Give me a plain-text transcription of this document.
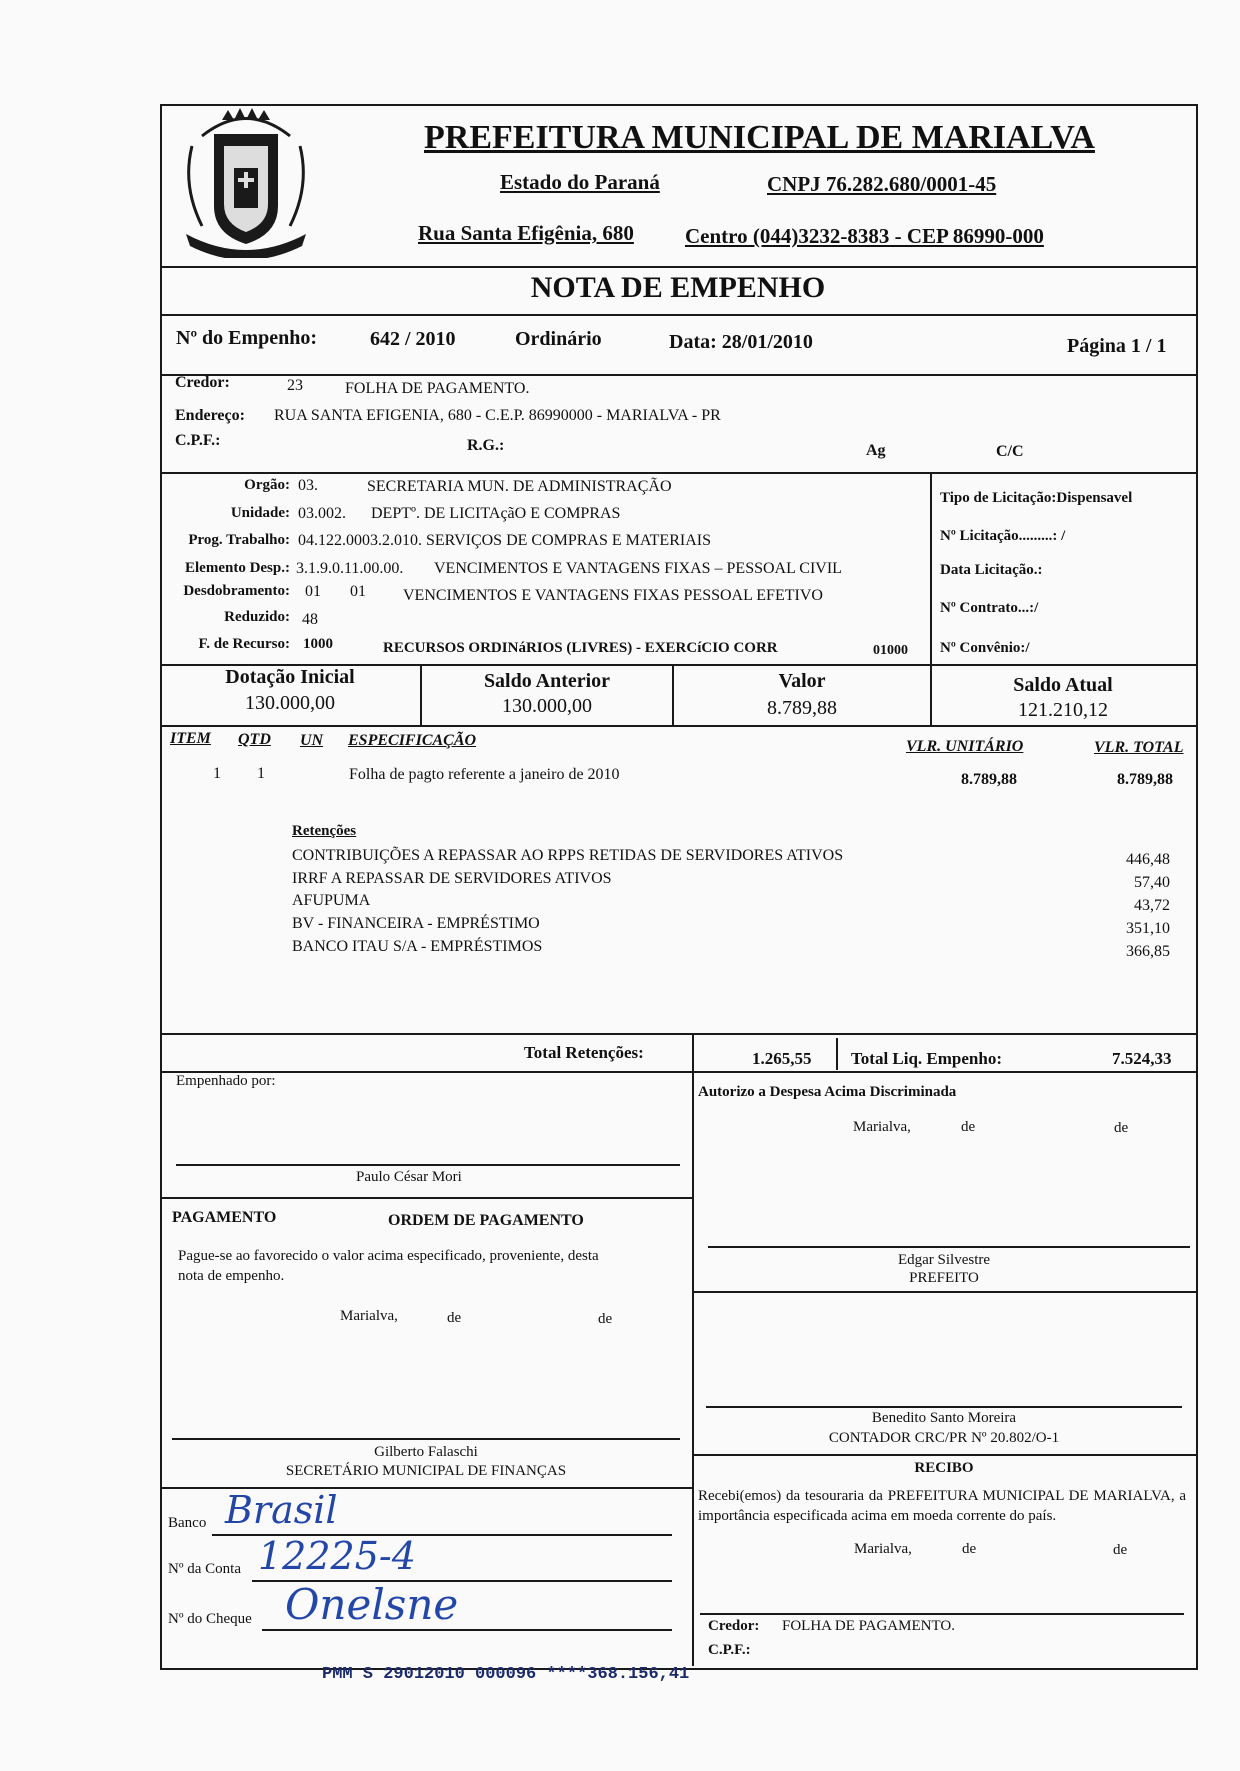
PREFEITURA MUNICIPAL DE MARIALVA
Estado do Paraná	CNPJ 76.282.680/0001-45
Rua Santa Efigênia, 680 Centro (044)3232-8383 - CEP 86990-000
NOTA DE EMPENHO
Nº do Empenho:	642 / 2010	Ordinário	Data: 28/01/2010	Página 1 / 1
Credor:	23	FOLHA DE PAGAMENTO.
Endereço: RUA SANTA EFIGENIA, 680 - C.E.P. 86990000 - MARIALVA - PR
C.P.F.:	R.G.:	Ag	C/C
Orgão: 03.	SECRETARIA MUN. DE ADMINISTRAÇÃO
Unidade: 03.002. DEPTº. DE LICITAçãO E COMPRAS
Prog. Trabalho: 04.122.0003.2.010. SERVIÇOS DE COMPRAS E MATERIAIS
Elemento Desp.: 3.1.9.0.11.00.00. VENCIMENTOS E VANTAGENS FIXAS – PESSOAL CIVIL
Desdobramento: 01 01 VENCIMENTOS E VANTAGENS FIXAS PESSOAL EFETIVO
Reduzido: 48
F. de Recurso: 1000	RECURSOS ORDINáRIOS (LIVRES) - EXERCíCIO CORR	01000
Tipo de Licitação:Dispensavel
Nº Licitação.........: /
Data Licitação.:
Nº Contrato...:/
Nº Convênio:/
Dotação Inicial
130.000,00
Saldo Anterior
130.000,00
Valor
8.789,88
Saldo Atual
121.210,12
ITEM QTD UN ESPECIFICAÇÃO	VLR. UNITÁRIO	VLR. TOTAL
1 1	Folha de pagto referente a janeiro de 2010	8.789,88	8.789,88
Retenções
CONTRIBUIÇÕES A REPASSAR AO RPPS RETIDAS DE SERVIDORES ATIVOS	446,48
IRRF A REPASSAR DE SERVIDORES ATIVOS	57,40
AFUPUMA	43,72
BV - FINANCEIRA - EMPRÉSTIMO	351,10
BANCO ITAU S/A - EMPRÉSTIMOS	366,85
Total Retenções:	1.265,55 Total Liq. Empenho:	7.524,33
Empenhado por:
Paulo César Mori
PAGAMENTO	ORDEM DE PAGAMENTO
Pague-se ao favorecido o valor acima especificado, proveniente, desta
nota de empenho.
Marialva,	de	de
Gilberto Falaschi
SECRETÁRIO MUNICIPAL DE FINANÇAS
Banco Brasil
Nº da Conta 12225-4
Nº do Cheque Onelsne
Autorizo a Despesa Acima Discriminada
Marialva,	de	de
Edgar Silvestre
PREFEITO
Benedito Santo Moreira
CONTADOR CRC/PR Nº 20.802/O-1
RECIBO
Recebi(emos) da tesouraria da PREFEITURA MUNICIPAL DE MARIALVA, a importância especificada acima em moeda corrente do país.
Marialva,	de	de
Credor: FOLHA DE PAGAMENTO.
C.P.F.:
PMM S 29012010 000096 ****368.156,41
